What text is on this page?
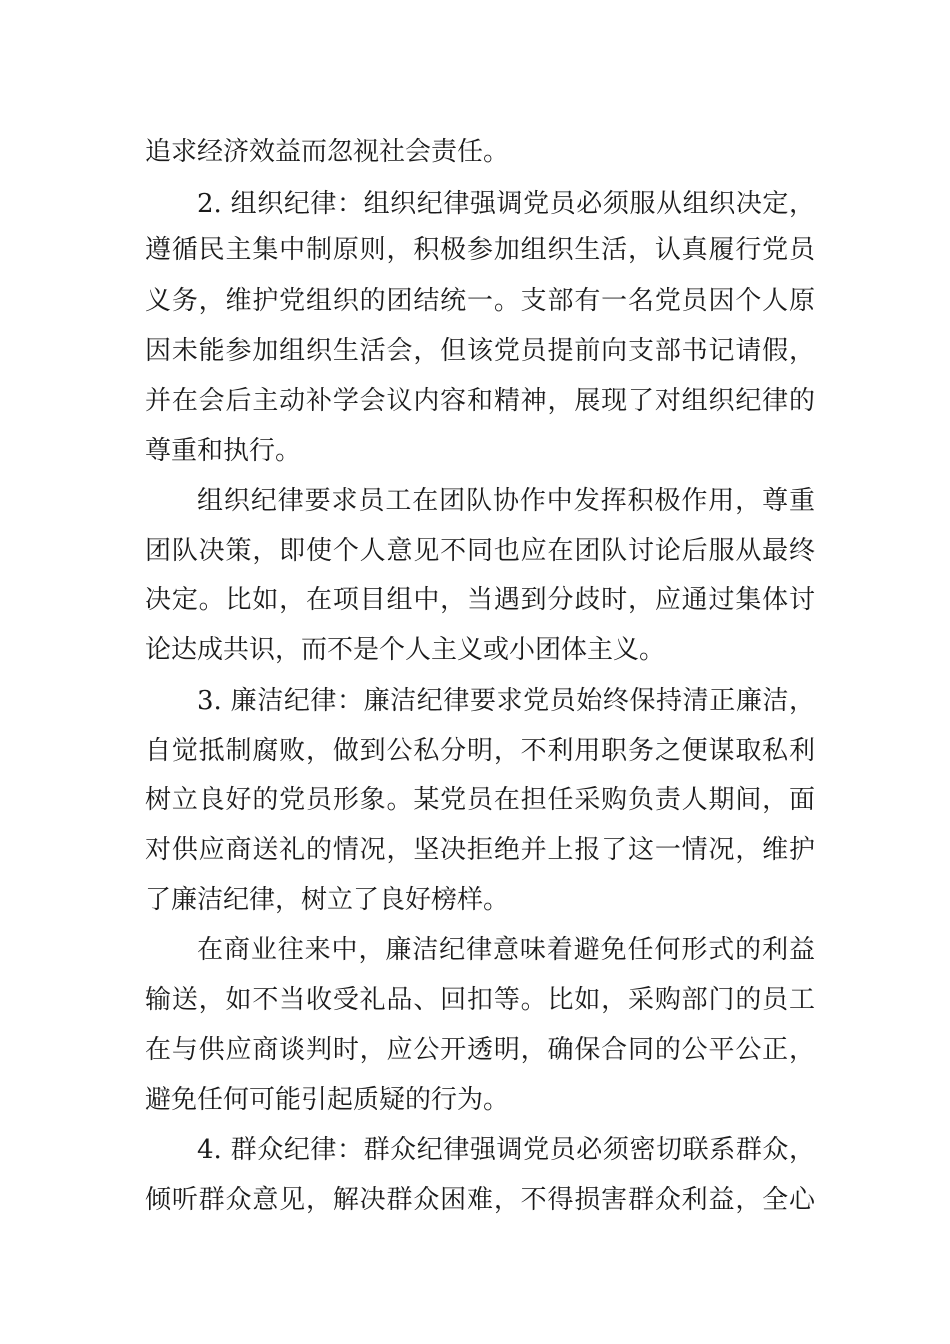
追求经济效益而忽视社会责任。
2. 组织纪律：组织纪律强调党员必须服从组织决定，
遵循民主集中制原则，积极参加组织生活，认真履行党员
义务，维护党组织的团结统一。支部有一名党员因个人原
因未能参加组织生活会，但该党员提前向支部书记请假，
并在会后主动补学会议内容和精神，展现了对组织纪律的
尊重和执行。
组织纪律要求员工在团队协作中发挥积极作用，尊重
团队决策，即使个人意见不同也应在团队讨论后服从最终
决定。比如，在项目组中，当遇到分歧时，应通过集体讨
论达成共识，而不是个人主义或小团体主义。
3. 廉洁纪律：廉洁纪律要求党员始终保持清正廉洁，
自觉抵制腐败，做到公私分明，不利用职务之便谋取私利
树立良好的党员形象。某党员在担任采购负责人期间，面
对供应商送礼的情况，坚决拒绝并上报了这一情况，维护
了廉洁纪律，树立了良好榜样。
在商业往来中，廉洁纪律意味着避免任何形式的利益
输送，如不当收受礼品、回扣等。比如，采购部门的员工
在与供应商谈判时，应公开透明，确保合同的公平公正，
避免任何可能引起质疑的行为。
4. 群众纪律：群众纪律强调党员必须密切联系群众，
倾听群众意见，解决群众困难，不得损害群众利益，全心
